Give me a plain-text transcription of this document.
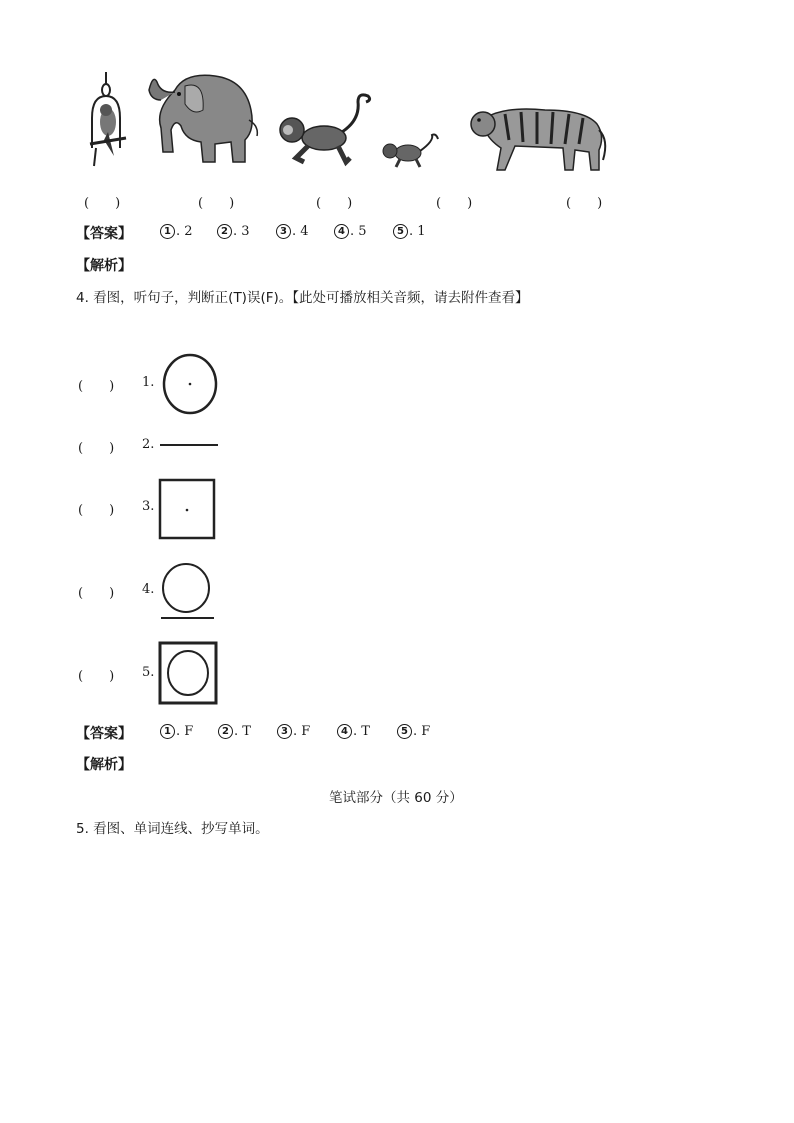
(　　)	(　　)	(　　)	(　　)	(　　)
【答案】	1 . 2	2 . 3	3 . 4	4 . 5	5 . 1
【解析】
4. 看图，听句子，判断正(T)误(F)。【此处可播放相关音频，请去附件查看】
(　　) 1.
(　　) 2.
(　　) 3.
(　　) 4.
(　　) 5.
【答案】	1 . F	2 . T	3 . F	4 . T	5 . F
【解析】
笔试部分（共 60 分）
5. 看图、单词连线、抄写单词。
